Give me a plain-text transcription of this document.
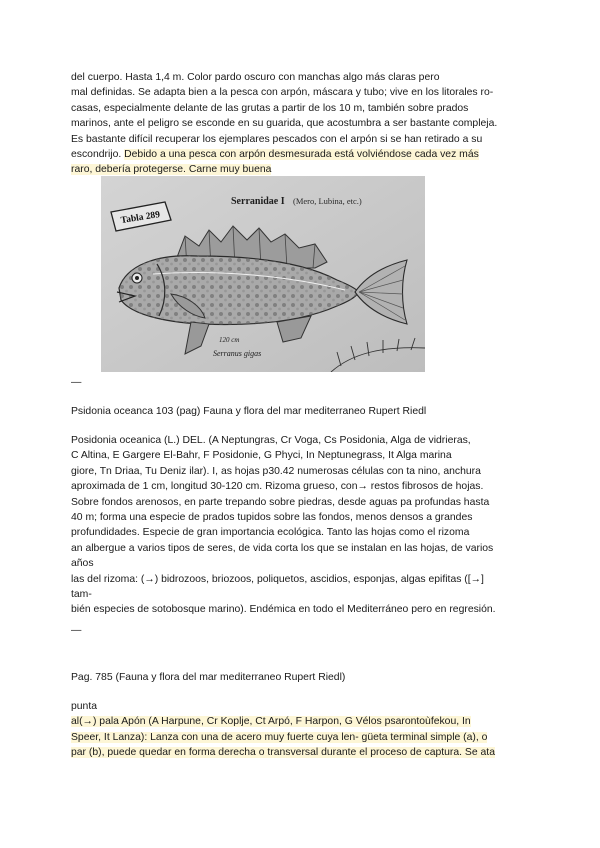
del cuerpo. Hasta 1,4 m. Color pardo oscuro con manchas algo más claras pero
mal definidas. Se adapta bien a la pesca con arpón, máscara y tubo; vive en los litorales ro-
casas, especialmente delante de las grutas a partir de los 10 m, también sobre prados
marinos, ante el peligro se esconde en su guarida, que acostumbra a ser bastante compleja.
Es bastante difícil recuperar los ejemplares pescados con el arpón si se han retirado a su
escondrijo. Debido a una pesca con arpón desmesurada está volviéndose cada vez más
raro, debería protegerse. Carne muy buena

Tabla 289
Serranidae I (Mero, Lubina, etc.)
120 cm
Serranus gigas
—

Psidonia oceanca 103 (pag) Fauna y flora del mar mediterraneo Rupert Riedl

Posidonia oceanica (L.) DEL. (A Neptungras, Cr Voga, Cs Posidonia, Alga de vidrieras,
C Altina, E Gargere El-Bahr, F Posidonie, G Phyci, In Neptunegrass, It Alga marina
giore, Tn Driaa, Tu Deniz ilar). I, as hojas p30.42 numerosas células con ta nino, anchura
aproximada de 1 cm, longitud 30-120 cm. Rizoma grueso, con→ restos fibrosos de hojas.
Sobre fondos arenosos, en parte trepando sobre piedras, desde aguas pa profundas hasta
40 m; forma una especie de prados tupidos sobre las fondos, menos densos a grandes
profundidades. Especie de gran importancia ecológica. Tanto las hojas como el rizoma
an albergue a varios tipos de seres, de vida corta los que se instalan en las hojas, de varios
años
las del rizoma: (→) bidrozoos, briozoos, poliquetos, ascidios, esponjas, algas epifitas ([→]
tam-
bién especies de sotobosque marino). Endémica en todo el Mediterráneo pero en regresión.

—

Pag. 785 (Fauna y flora del mar mediterraneo Rupert Riedl)

punta
al(→) pala Apón (A Harpune, Cr Koplje, Ct Arpó, F Harpon, G Vélos psarontoùfekou, In
Speer, It Lanza): Lanza con una de acero muy fuerte cuya len- güeta terminal simple (a), o
par (b), puede quedar en forma derecha o transversal durante el proceso de captura. Se ata
